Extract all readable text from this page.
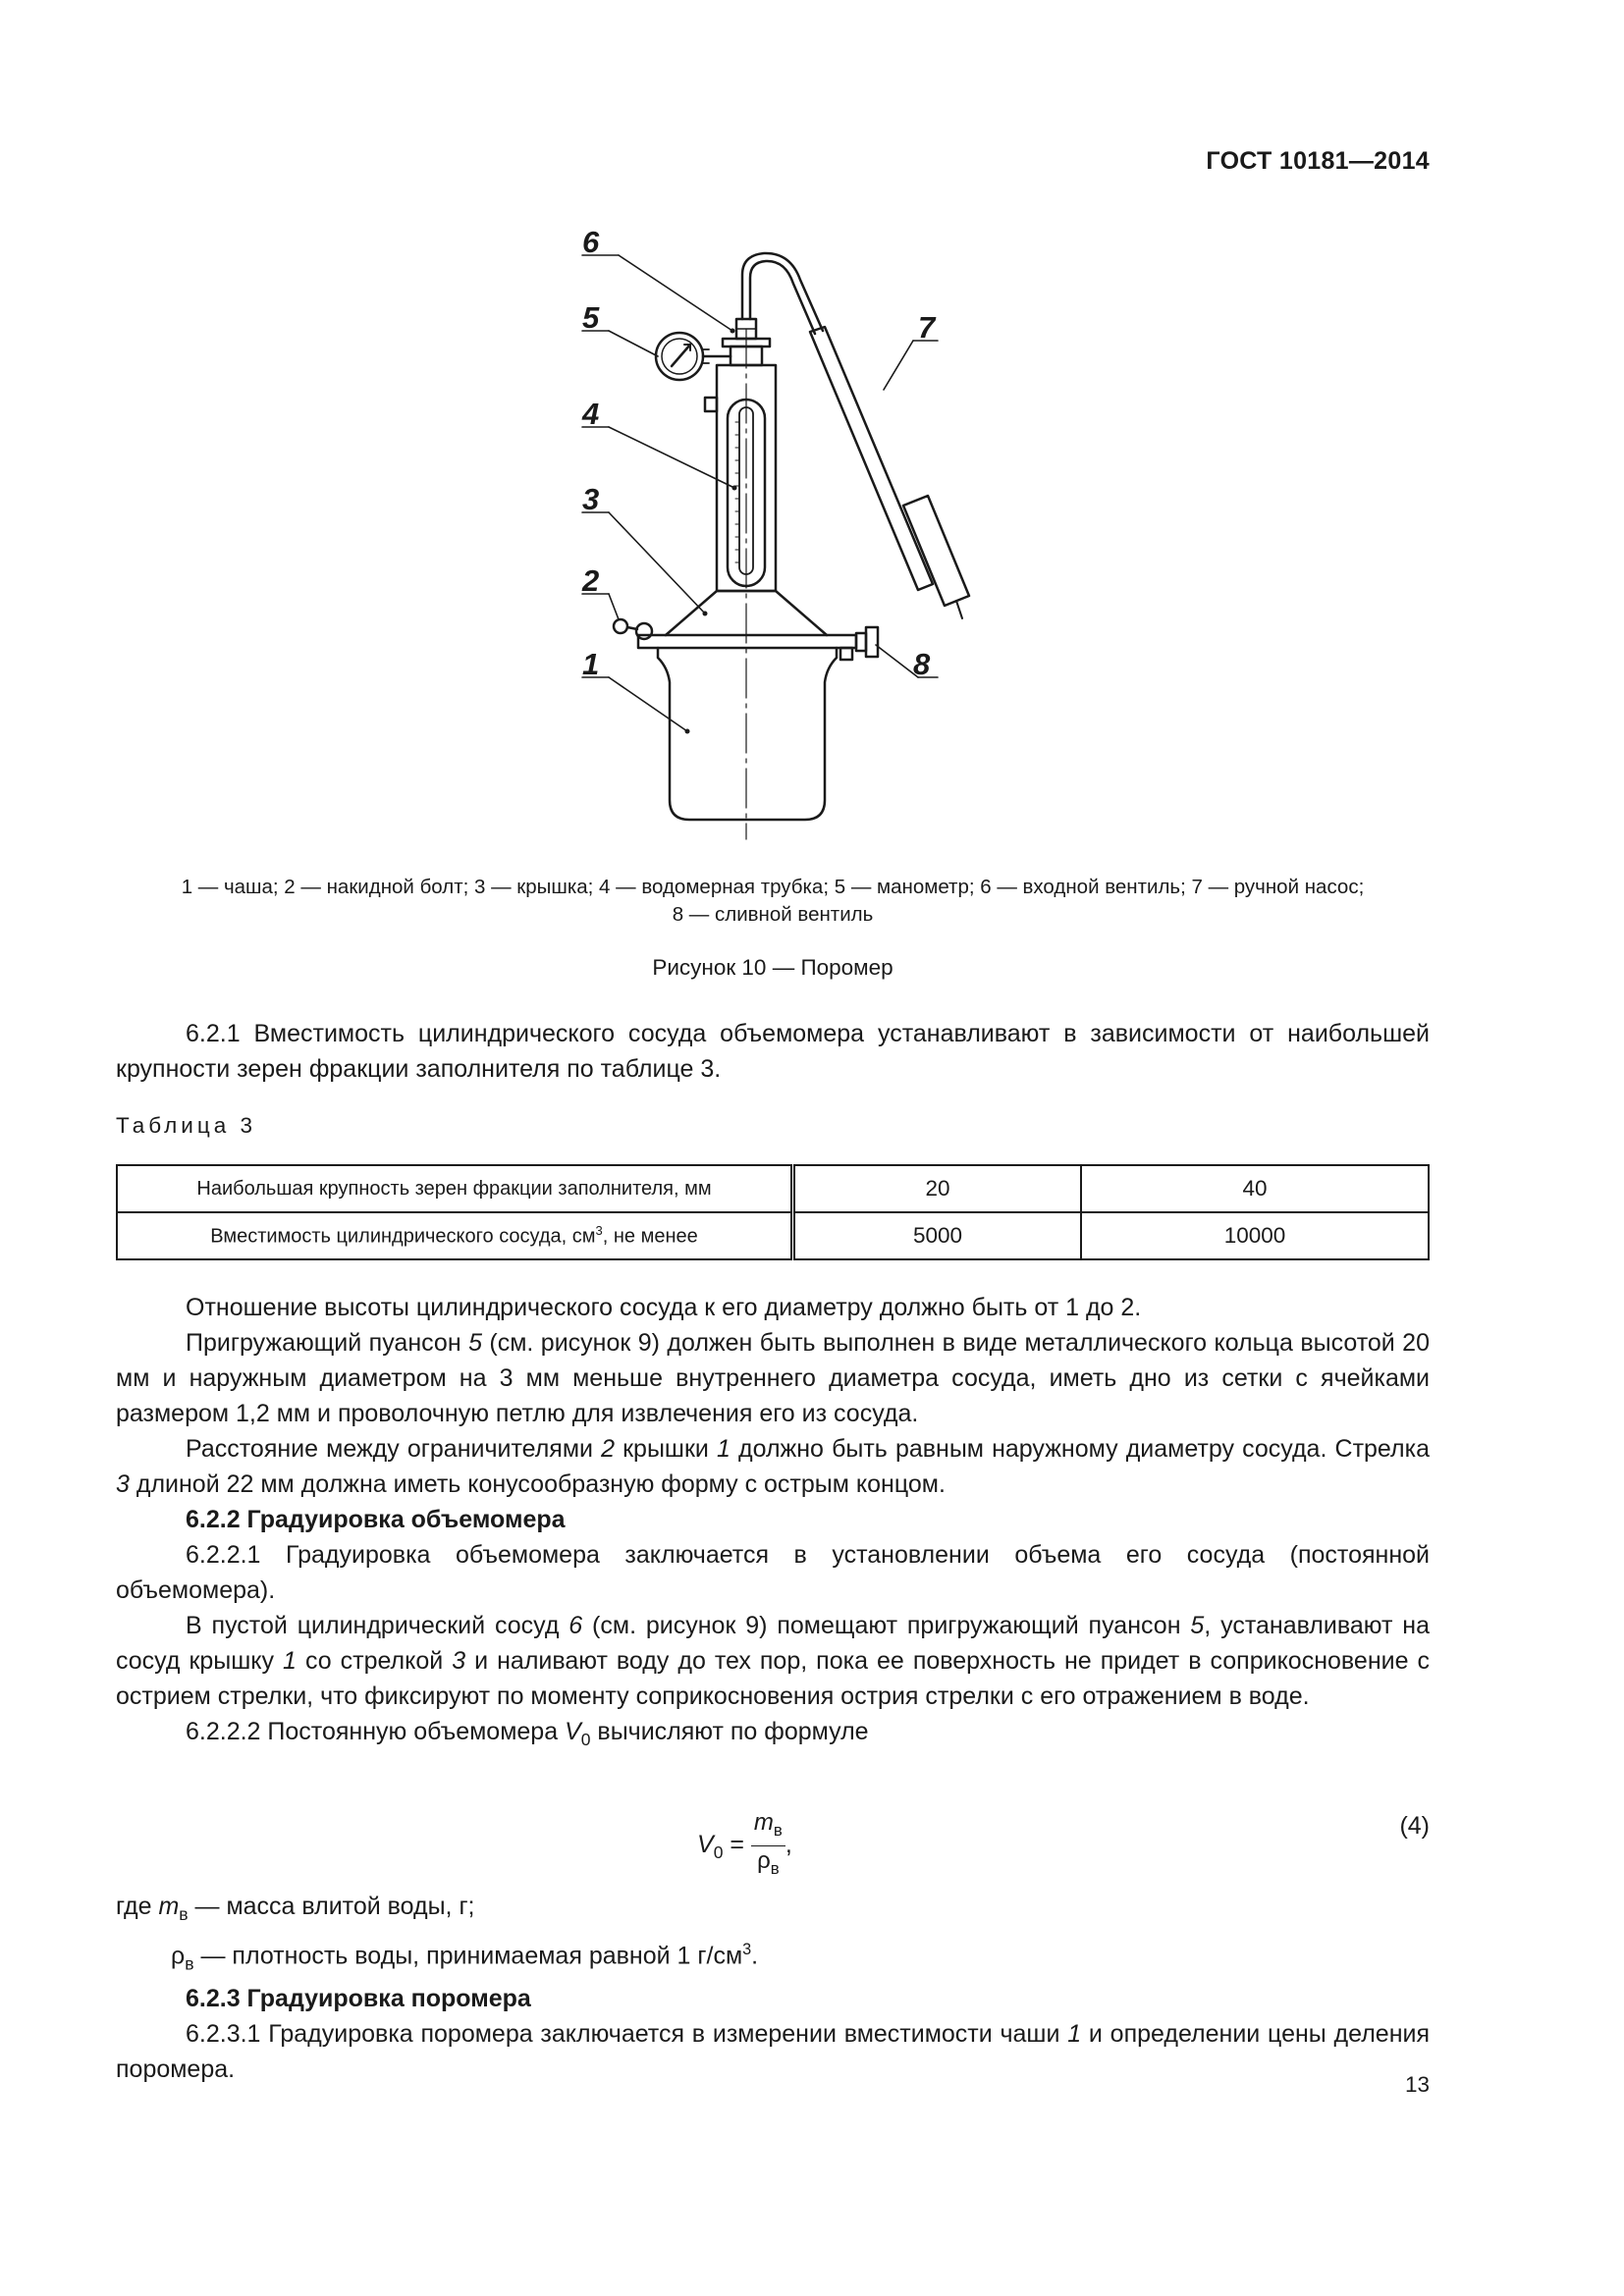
ГОСТ 10181—2014
6
5
4
3
2
1
7
8
1 — чаша; 2 — накидной болт; 3 — крышка; 4 — водомерная трубка; 5 — манометр; 6 — входной вентиль; 7 — ручной насос;
8 — сливной вентиль
Рисунок 10 — Поромер

6.2.1 Вместимость цилиндрического сосуда объемомера устанавливают в зависимости от наибольшей крупности зерен фракции заполнителя по таблице 3.

Таблица 3
Наибольшая крупность зерен фракции заполнителя, мм	20	40
Вместимость цилиндрического сосуда, $см^3$, не менее	5000	10000

Отношение высоты цилиндрического сосуда к его диаметру должно быть от 1 до 2.

Пригружающий пуансон 5 (см. рисунок 9) должен быть выполнен в виде металлического кольца высотой 20 мм и наружным диаметром на 3 мм меньше внутреннего диаметра сосуда, иметь дно из сетки с ячейками размером 1,2 мм и проволочную петлю для извлечения его из сосуда.

Расстояние между ограничителями 2 крышки 1 должно быть равным наружному диаметру сосуда. Стрелка 3 длиной 22 мм должна иметь конусообразную форму с острым концом.

6.2.2 Градуировка объемомера

6.2.2.1 Градуировка объемомера заключается в установлении объема его сосуда (постоянной объемомера).

В пустой цилиндрический сосуд 6 (см. рисунок 9) помещают пригружающий пуансон 5, устанавливают на сосуд крышку 1 со стрелкой 3 и наливают воду до тех пор, пока ее поверхность не придет в соприкосновение с острием стрелки, что фиксируют по моменту соприкосновения острия стрелки с его отражением в воде.

6.2.2.2 Постоянную объемомера $V_0$ вычисляют по формуле

$V_0 = \frac{m_в}{\rho_в}$ ,
(4)

где $m_в$ — масса влитой воды, г;

$\rho_в$ — плотность воды, принимаемая равной 1 $г/см^3$.

6.2.3 Градуировка поромера

6.2.3.1 Градуировка поромера заключается в измерении вместимости чаши 1 и определении цены деления поромера.

13
